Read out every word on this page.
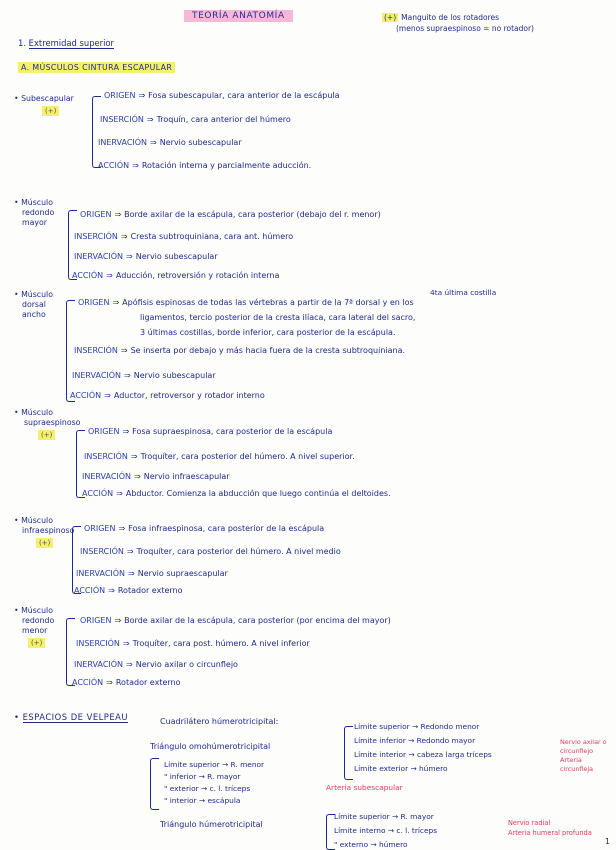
TEORÍA ANATOMÍA	(+) Manguito de los rotadores
(menos supraespinoso = no rotador)
1. Extremidad superior
A. MÚSCULOS CINTURA ESCAPULAR
• Subescapular
(+)
ORIGEN ⇒ Fosa subescapular, cara anterior de la escápula
INSERCIÓN ⇒ Troquín, cara anterior del húmero
INERVACIÓN ⇒ Nervio subescapular
ACCIÓN ⇒ Rotación interna y parcialmente aducción.
• Músculo
redondo
mayor
ORIGEN ⇒ Borde axilar de la escápula, cara posterior (debajo del r. menor)
INSERCIÓN ⇒ Cresta subtroquiniana, cara ant. húmero
INERVACIÓN ⇒ Nervio subescapular
ACCIÓN ⇒ Aducción, retroversión y rotación interna
• Músculo
dorsal
ancho
4ta última costilla
ORIGEN ⇒ Apófisis espinosas de todas las vértebras a partir de la 7ª dorsal y en los
ligamentos, tercio posterior de la cresta ilíaca, cara lateral del sacro,
3 últimas costillas, borde inferior, cara posterior de la escápula.
INSERCIÓN ⇒ Se inserta por debajo y más hacia fuera de la cresta subtroquiniana.
INERVACIÓN ⇒ Nervio subescapular
ACCIÓN ⇒ Aductor, retroversor y rotador interno
• Músculo
supraespinoso
(+)	ORIGEN ⇒ Fosa supraespinosa, cara posterior de la escápula
INSERCIÓN ⇒ Troquíter, cara posterior del húmero. A nivel superior.
INERVACIÓN ⇒ Nervio infraescapular
ACCIÓN ⇒ Abductor. Comienza la abducción que luego continúa el deltoides.
• Músculo
infraespinoso
(+)
ORIGEN ⇒ Fosa infraespinosa, cara posterior de la escápula
INSERCIÓN ⇒ Troquíter, cara posterior del húmero. A nivel medio
INERVACIÓN ⇒ Nervio supraescapular
ACCIÓN ⇒ Rotador externo
• Músculo
redondo
menor
(+)
ORIGEN ⇒ Borde axilar de la escápula, cara posterior (por encima del mayor)
INSERCIÓN ⇒ Troquíter, cara post. húmero. A nivel inferior
INERVACIÓN ⇒ Nervio axilar o circunflejo
ACCIÓN ⇒ Rotador externo
• ESPACIOS DE VELPEAU	Cuadrilátero húmerotricipital:
Límite superior → Redondo menor
Límite inferior → Redondo mayor
Límite interior → cabeza larga tríceps
Límite exterior → húmero
Nervio axilar o circunflejo
Arteria circunfleja
Triángulo omohúmerotricipital
Límite superior → R. menor
" inferior → R. mayor
" exterior → c. l. tríceps
" interior → escápula
Arteria subescapular
Triángulo húmerotricipital
Límite superior → R. mayor
Límite interno → c. l. tríceps
" externo → húmero
Nervio radial
Arteria humeral profunda
1
